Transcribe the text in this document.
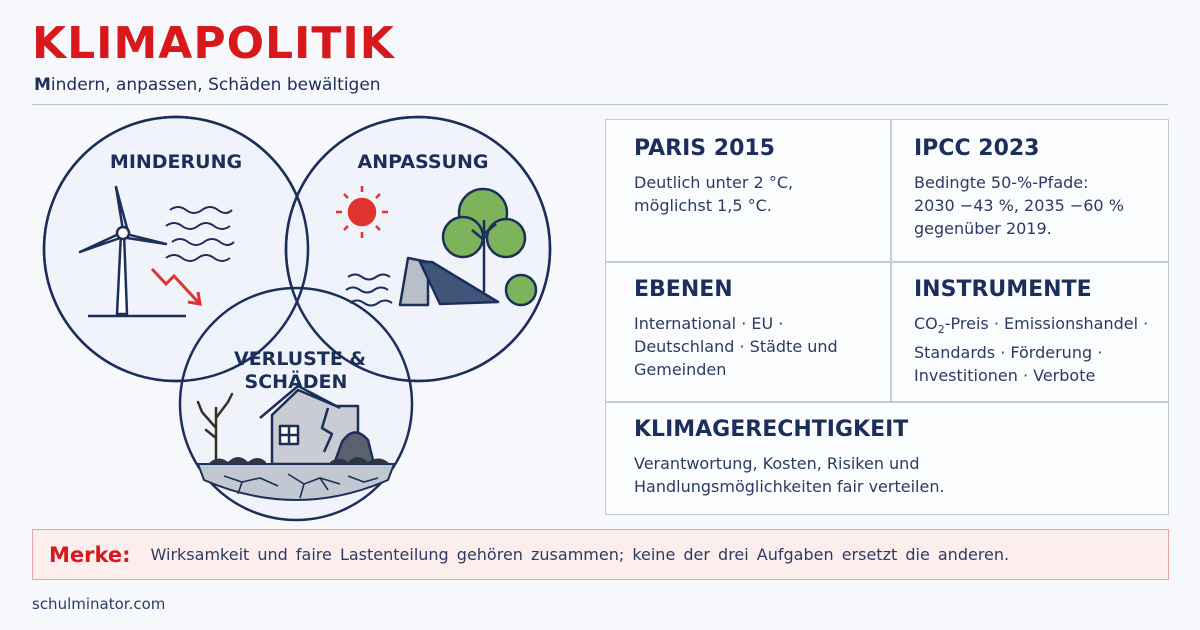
KLIMAPOLITIK
Mindern, anpassen, Schäden bewältigen
MINDERUNG	ANPASSUNG
VERLUSTE &
SCHÄDEN
PARIS 2015
Deutlich unter 2 °C,
möglichst 1,5 °C.
IPCC 2023
Bedingte 50-%-Pfade:
2030 −43 %, 2035 −60 %
gegenüber 2019.
EBENEN
International · EU ·
Deutschland · Städte und
Gemeinden
INSTRUMENTE
$CO_2$-Preis · Emissionshandel ·
Standards · Förderung ·
Investitionen · Verbote
KLIMAGERECHTIGKEIT
Verantwortung, Kosten, Risiken und
Handlungsmöglichkeiten fair verteilen.
Merke: Wirksamkeit und faire Lastenteilung gehören zusammen; keine der drei Aufgaben ersetzt die anderen.
schulminator.com
